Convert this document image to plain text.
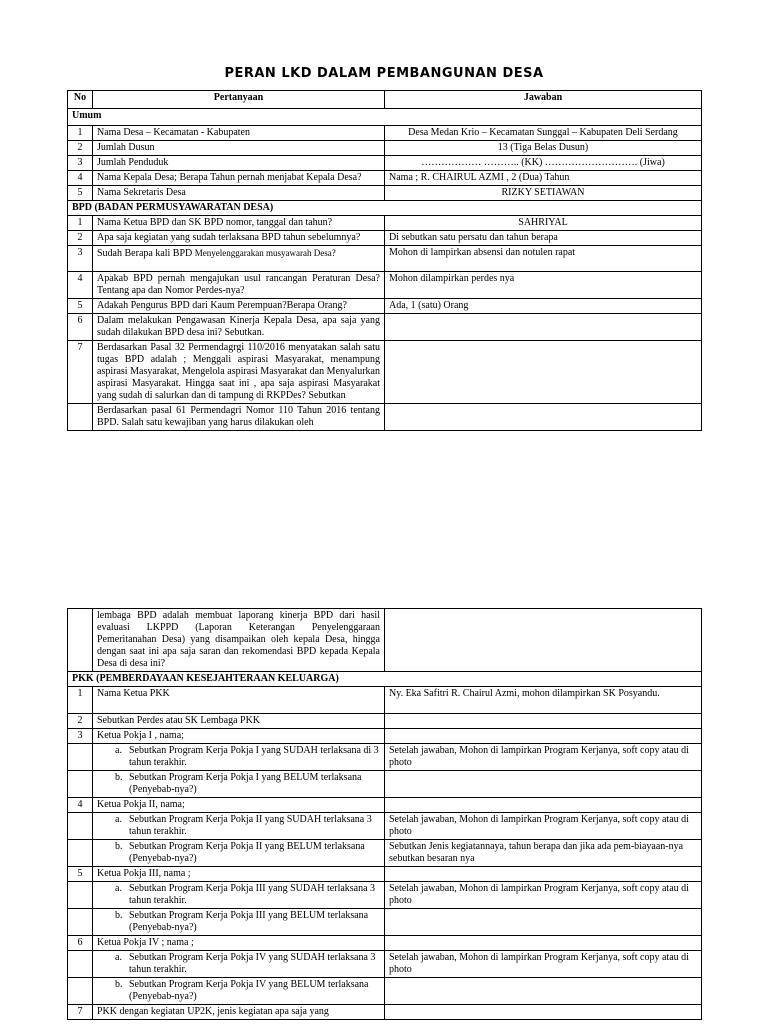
PERAN LKD DALAM PEMBANGUNAN DESA
No	Pertanyaan	Jawaban
Umum		
1	Nama Desa – Kecamatan - Kabupaten	Desa Medan Krio – Kecamatan Sunggal – Kabupaten Deli Serdang
2	Jumlah Dusun	13 (Tiga Belas Dusun)
3	Jumlah Penduduk	……………… ……….. (KK) ………………………. (Jiwa)
4	Nama Kepala Desa; Berapa Tahun pernah menjabat Kepala Desa?	Nama ; R. CHAIRUL AZMI , 2 (Dua) Tahun
5	Nama Sekretaris Desa	RIZKY SETIAWAN
BPD (BADAN PERMUSYAWARATAN DESA)		
1	Nama Ketua BPD dan SK BPD nomor, tanggal dan tahun?	SAHRIYAL
2	Apa saja kegiatan yang sudah terlaksana BPD tahun sebelumnya?	Di sebutkan satu persatu dan tahun berapa
3	Sudah Berapa kali BPD Menyelenggarakan musyawarah Desa?	Mohon di lampirkan absensi dan notulen rapat
4	Apakab BPD pernah mengajukan usul rancangan Peraturan Desa? Tentang apa dan Nomor Perdes-nya?	Mohon dilampirkan perdes nya
5	Adakah Pengurus BPD dari Kaum Perempuan?Berapa Orang?	Ada, 1 (satu) Orang
6	Dalam melakukan Pengawasan Kinerja Kepala Desa, apa saja yang sudah dilakukan BPD desa ini? Sebutkan.	
7	Berdasarkan Pasal 32 Permendagrgi 110/2016 menyatakan salah satu tugas BPD adalah ; Menggali aspirasi Masyarakat, menampung aspirasi Masyarakat, Mengelola aspirasi Masyarakat dan Menyalurkan aspirasi Masyarakat. Hingga saat ini , apa saja aspirasi Masyarakat yang sudah di salurkan dan di tampung di RKPDes? Sebutkan	
	Berdasarkan pasal 61 Permendagri Nomor 110 Tahun 2016 tentang BPD. Salah satu kewajiban yang harus dilakukan oleh	
	lembaga BPD adalah membuat laporang kinerja BPD dari hasil evaluasi LKPPD (Laporan Keterangan Penyelenggaraan Pemeritanahan Desa) yang disampaikan oleh kepala Desa, hingga dengan saat ini apa saja saran dan rekomendasi BPD kepada Kepala Desa di desa ini?	
PKK (PEMBERDAYAAN KESEJAHTERAAN KELUARGA)		
1	Nama Ketua PKK	Ny. Eka Safitri R. Chairul Azmi, mohon dilampirkan SK Posyandu.
2	Sebutkan Perdes atau SK Lembaga PKK	
3	Ketua Pokja I , nama;	

	a. Sebutkan Program Kerja Pokja I yang SUDAH terlaksana di 3 tahun terakhir.	Setelah jawaban, Mohon di lampirkan Program Kerjanya, soft copy atau di photo

	b. Sebutkan Program Kerja Pokja I yang BELUM terlaksana (Penyebab-nya?)	

4	Ketua Pokja II, nama;	

	a. Sebutkan Program Kerja Pokja II yang SUDAH terlaksana 3 tahun terakhir.	Setelah jawaban, Mohon di lampirkan Program Kerjanya, soft copy atau di photo

	b. Sebutkan Program Kerja Pokja II yang BELUM terlaksana (Penyebab-nya?)	Sebutkan Jenis kegiatannaya, tahun berapa dan jika ada pem-biayaan-nya sebutkan besaran nya
5	Ketua Pokja III, nama ;	

	a. Sebutkan Program Kerja Pokja III yang SUDAH terlaksana 3 tahun terakhir.	Setelah jawaban, Mohon di lampirkan Program Kerjanya, soft copy atau di photo

	b. Sebutkan Program Kerja Pokja III yang BELUM terlaksana (Penyebab-nya?)	

6	Ketua Pokja IV ; nama ;	

	a. Sebutkan Program Kerja Pokja IV yang SUDAH terlaksana 3 tahun terakhir.	Setelah jawaban, Mohon di lampirkan Program Kerjanya, soft copy atau di photo

	b. Sebutkan Program Kerja Pokja IV yang BELUM terlaksana (Penyebab-nya?)	

7	PKK dengan kegiatan UP2K, jenis kegiatan apa saja yang	
